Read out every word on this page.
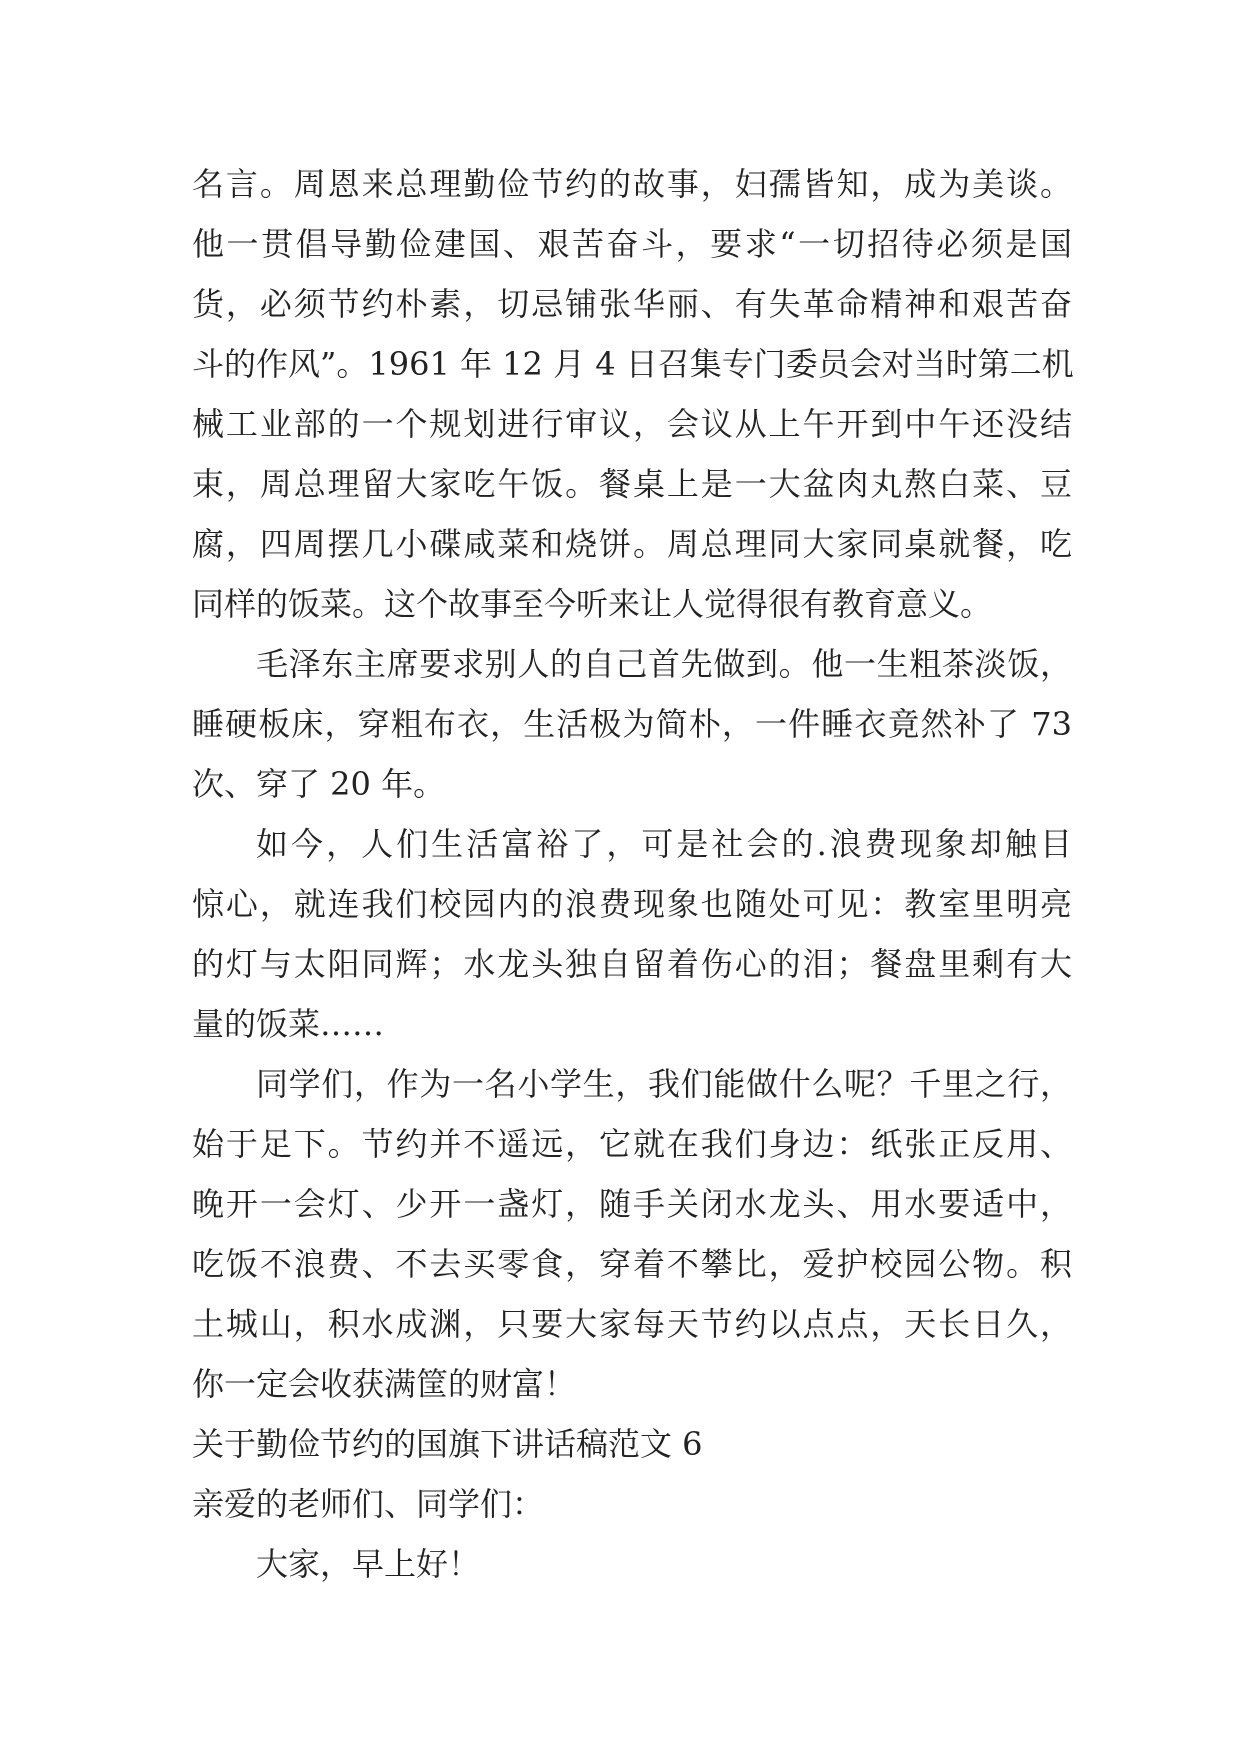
名言。周恩来总理勤俭节约的故事，妇孺皆知，成为美谈。
他一贯倡导勤俭建国、艰苦奋斗，要求“一切招待必须是国
货，必须节约朴素，切忌铺张华丽、有失革命精神和艰苦奋
斗的作风”。1961 年 12 月 4 日召集专门委员会对当时第二机
械工业部的一个规划进行审议，会议从上午开到中午还没结
束，周总理留大家吃午饭。餐桌上是一大盆肉丸熬白菜、豆
腐，四周摆几小碟咸菜和烧饼。周总理同大家同桌就餐，吃
同样的饭菜。这个故事至今听来让人觉得很有教育意义。
毛泽东主席要求别人的自己首先做到。他一生粗茶淡饭，
睡硬板床，穿粗布衣，生活极为简朴，一件睡衣竟然补了 73
次、穿了 20 年。
如今，人们生活富裕了，可是社会的.浪费现象却触目
惊心，就连我们校园内的浪费现象也随处可见：教室里明亮
的灯与太阳同辉；水龙头独自留着伤心的泪；餐盘里剩有大
量的饭菜……
同学们，作为一名小学生，我们能做什么呢？千里之行，
始于足下。节约并不遥远，它就在我们身边：纸张正反用、
晚开一会灯、少开一盏灯，随手关闭水龙头、用水要适中，
吃饭不浪费、不去买零食，穿着不攀比，爱护校园公物。积
土城山，积水成渊，只要大家每天节约以点点，天长日久，
你一定会收获满筐的财富！
关于勤俭节约的国旗下讲话稿范文 6
亲爱的老师们、同学们：
大家，早上好！
